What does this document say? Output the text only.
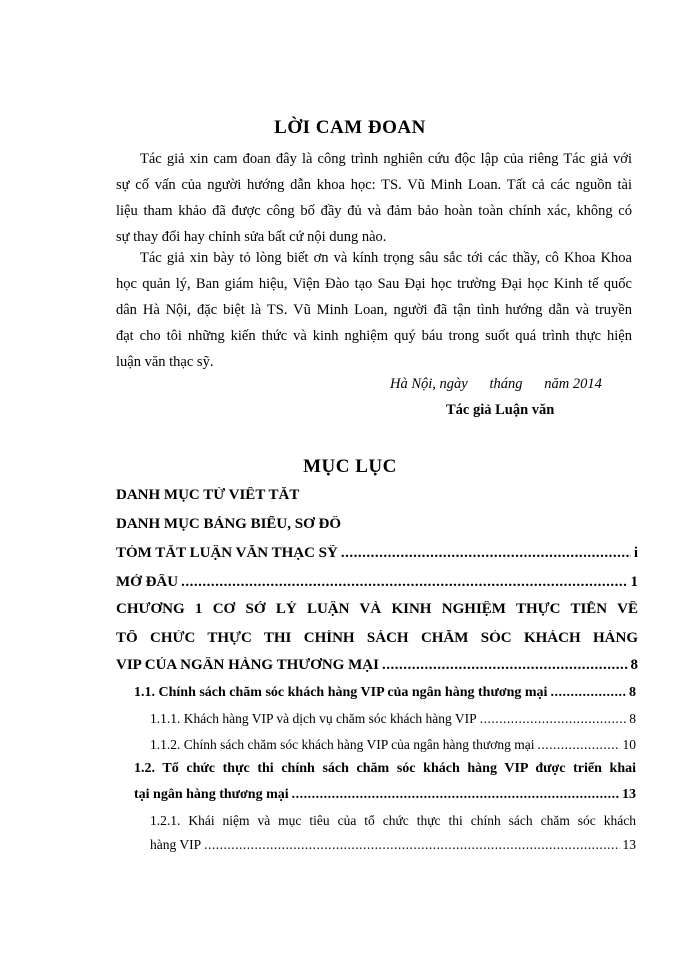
LỜI CAM ĐOAN
Tác giả xin cam đoan đây là công trình nghiên cứu độc lập của riêng Tác giả với
sự cố vấn của người hướng dẫn khoa học: TS. Vũ Minh Loan. Tất cả các nguồn tài
liệu tham khảo đã được công bố đầy đủ và đảm bảo hoàn toàn chính xác, không có
sự thay đổi hay chỉnh sửa bất cứ nội dung nào.
Tác giả xin bày tỏ lòng biết ơn và kính trọng sâu sắc tới các thầy, cô Khoa Khoa
học quản lý, Ban giám hiệu, Viện Đào tạo Sau Đại học trường Đại học Kinh tế quốc
dân Hà Nội, đặc biệt là TS. Vũ Minh Loan, người đã tận tình hướng dẫn và truyền
đạt cho tôi những kiến thức và kinh nghiệm quý báu trong suốt quá trình thực hiện
luận văn thạc sỹ.
Hà Nội, ngày      tháng      năm 2014
Tác giả Luận văn
MỤC LỤC
DANH MỤC TỪ VIẾT TẮT
DANH MỤC BẢNG BIỂU, SƠ ĐỒ
TÓM TẮT LUẬN VĂN THẠC SỸ .....	i
MỞ ĐẦU .....	1
CHƯƠNG 1 CƠ SỞ LÝ LUẬN VÀ KINH NGHIỆM THỰC TIỄN VỀ
TỔ CHỨC THỰC THI CHÍNH SÁCH CHĂM SÓC KHÁCH HÀNG
VIP CỦA NGÂN HÀNG THƯƠNG MẠI .....	8
1.1. Chính sách chăm sóc khách hàng VIP của ngân hàng thương mại .....	8
1.1.1. Khách hàng VIP và dịch vụ chăm sóc khách hàng VIP .....	8
1.1.2. Chính sách chăm sóc khách hàng VIP của ngân hàng thương mại .....	10
1.2. Tổ chức thực thi chính sách chăm sóc khách hàng VIP được triển khai
tại ngân hàng thương mại .....	13
1.2.1. Khái niệm và mục tiêu của tổ chức thực thi chính sách chăm sóc khách
hàng VIP .....	13
